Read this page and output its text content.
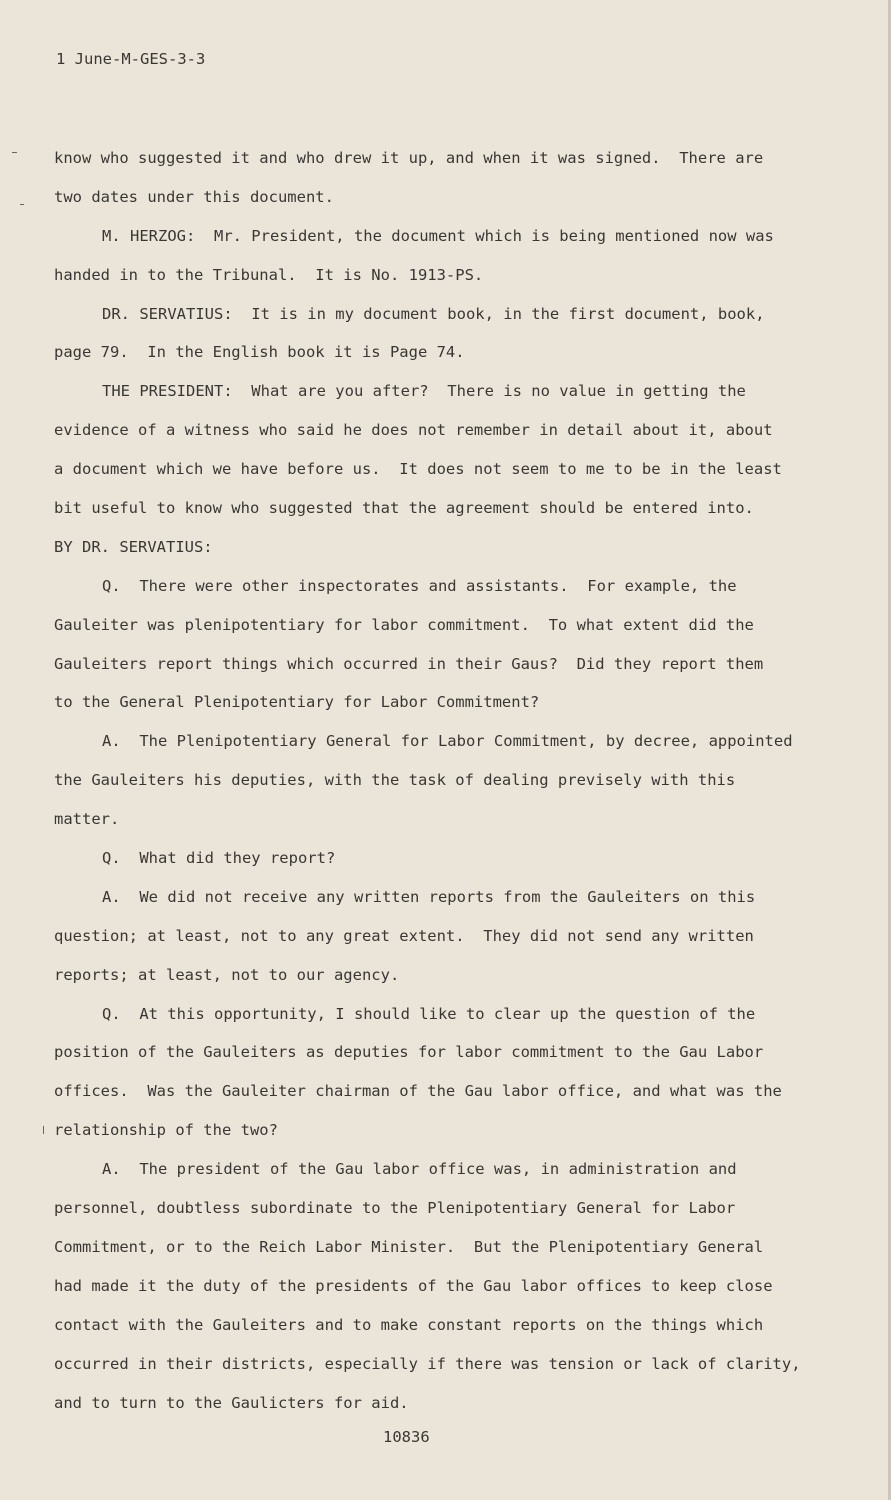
1 June-M-GES-3-3

know who suggested it and who drew it up, and when it was signed.  There are

two dates under this document.

M. HERZOG:  Mr. President, the document which is being mentioned now was

handed in to the Tribunal.  It is No. 1913-PS.

DR. SERVATIUS:  It is in my document book, in the first document, book,

page 79.  In the English book it is Page 74.

THE PRESIDENT:  What are you after?  There is no value in getting the

evidence of a witness who said he does not remember in detail about it, about

a document which we have before us.  It does not seem to me to be in the least

bit useful to know who suggested that the agreement should be entered into.

BY DR. SERVATIUS:

Q.  There were other inspectorates and assistants.  For example, the

Gauleiter was plenipotentiary for labor commitment.  To what extent did the

Gauleiters report things which occurred in their Gaus?  Did they report them

to the General Plenipotentiary for Labor Commitment?

A.  The Plenipotentiary General for Labor Commitment, by decree, appointed

the Gauleiters his deputies, with the task of dealing previsely with this

matter.

Q.  What did they report?

A.  We did not receive any written reports from the Gauleiters on this

question; at least, not to any great extent.  They did not send any written

reports; at least, not to our agency.

Q.  At this opportunity, I should like to clear up the question of the

position of the Gauleiters as deputies for labor commitment to the Gau Labor

offices.  Was the Gauleiter chairman of the Gau labor office, and what was the

relationship of the two?

A.  The president of the Gau labor office was, in administration and

personnel, doubtless subordinate to the Plenipotentiary General for Labor

Commitment, or to the Reich Labor Minister.  But the Plenipotentiary General

had made it the duty of the presidents of the Gau labor offices to keep close

contact with the Gauleiters and to make constant reports on the things which

occurred in their districts, especially if there was tension or lack of clarity,

and to turn to the Gaulicters for aid.

10836
